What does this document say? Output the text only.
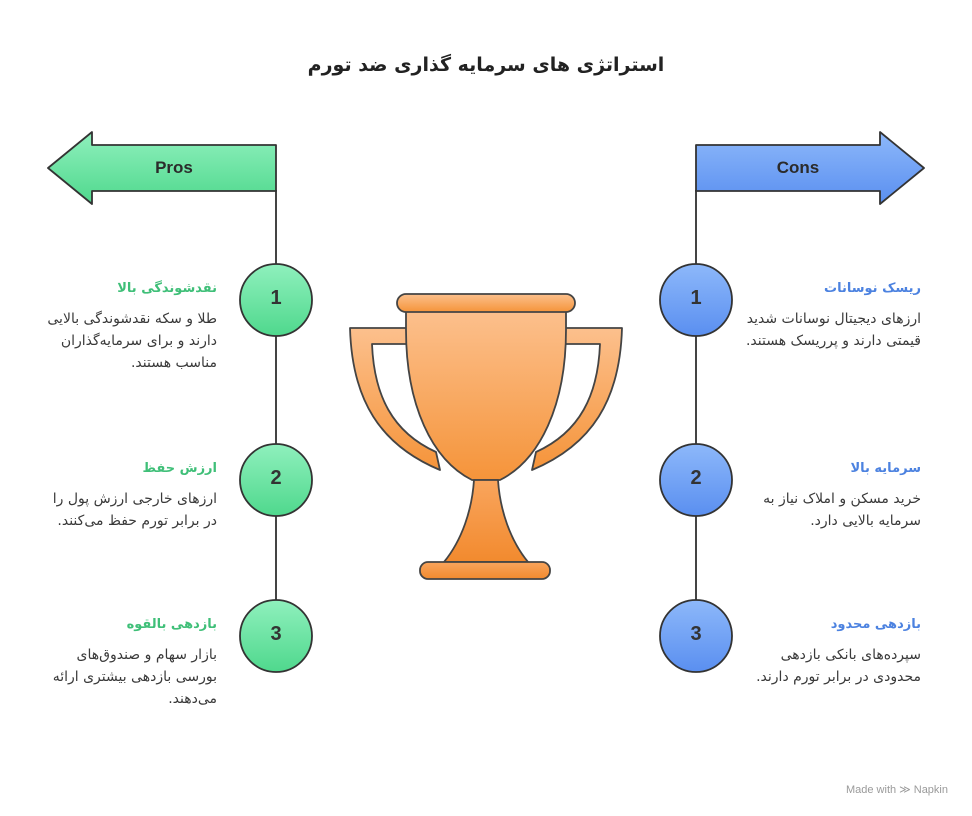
استراتژی های سرمایه گذاری ضد تورم
Pros	Cons
1
2
3
1
2
3
نقدشوندگی بالا
طلا و سکه نقدشوندگی بالایی دارند و برای سرمایه‌گذاران مناسب هستند.
ارزش حفظ
ارزهای خارجی ارزش پول را در برابر تورم حفظ می‌کنند.
بازدهی بالقوه
بازار سهام و صندوق‌های بورسی بازدهی بیشتری ارائه می‌دهند.
ریسک نوسانات
ارزهای دیجیتال نوسانات شدید قیمتی دارند و پرریسک هستند.
سرمایه بالا
خرید مسکن و املاک نیاز به سرمایه بالایی دارد.
بازدهی محدود
سپرده‌های بانکی بازدهی محدودی در برابر تورم دارند.
Made with ≫ Napkin
